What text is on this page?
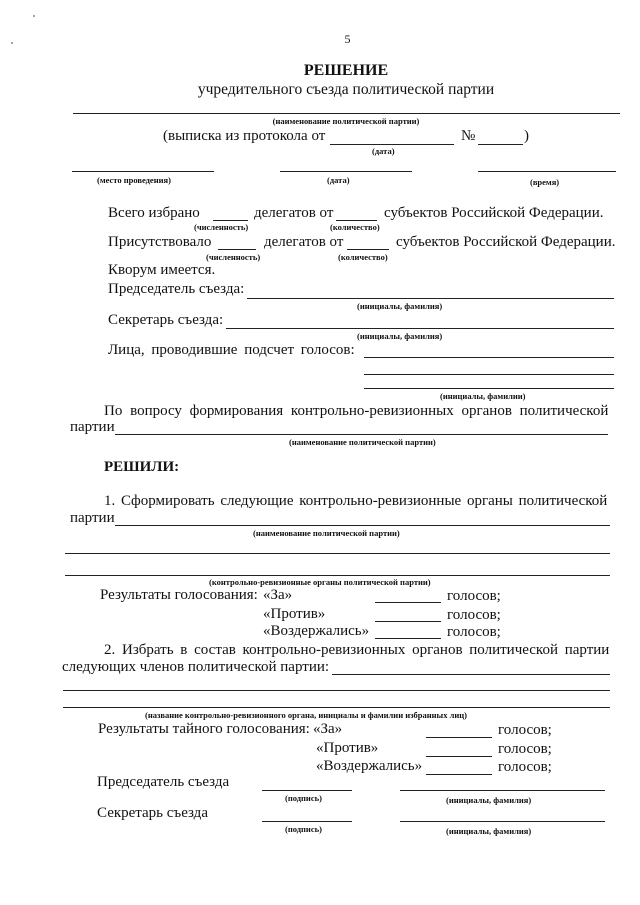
5
РЕШЕНИЕ
учредительного съезда политической партии
(наименование политической партии)
(выписка из протокола от	№	)
(дата)
(место проведения)	(дата)	(время)
Всего избрано	делегатов от	субъектов Российской Федерации.
(численность)	(количество)
Присутствовало	делегатов от	субъектов Российской Федерации.
(численность)	(количество)
Кворум имеется.
Председатель съезда:
(инициалы, фамилия)
Секретарь съезда:
(инициалы, фамилия)
Лица, проводившие подсчет голосов:
(инициалы, фамилии)
По вопросу формирования контрольно-ревизионных органов политической
партии
(наименование политической партии)
РЕШИЛИ:
1. Сформировать следующие контрольно-ревизионные органы политической
партии
(наименование политической партии)
(контрольно-ревизионные органы политической партии)
Результаты голосования: «За»	голосов;
«Против»	голосов;
«Воздержались»	голосов;
2. Избрать в состав контрольно-ревизионных органов политической партии
следующих членов политической партии:
(название контрольно-ревизионного органа, инициалы и фамилии избранных лиц)
Результаты тайного голосования: «За»	голосов;
«Против»	голосов;
«Воздержались»	голосов;
Председатель съезда
(подпись)	(инициалы, фамилия)
Секретарь съезда
(подпись)	(инициалы, фамилия)
